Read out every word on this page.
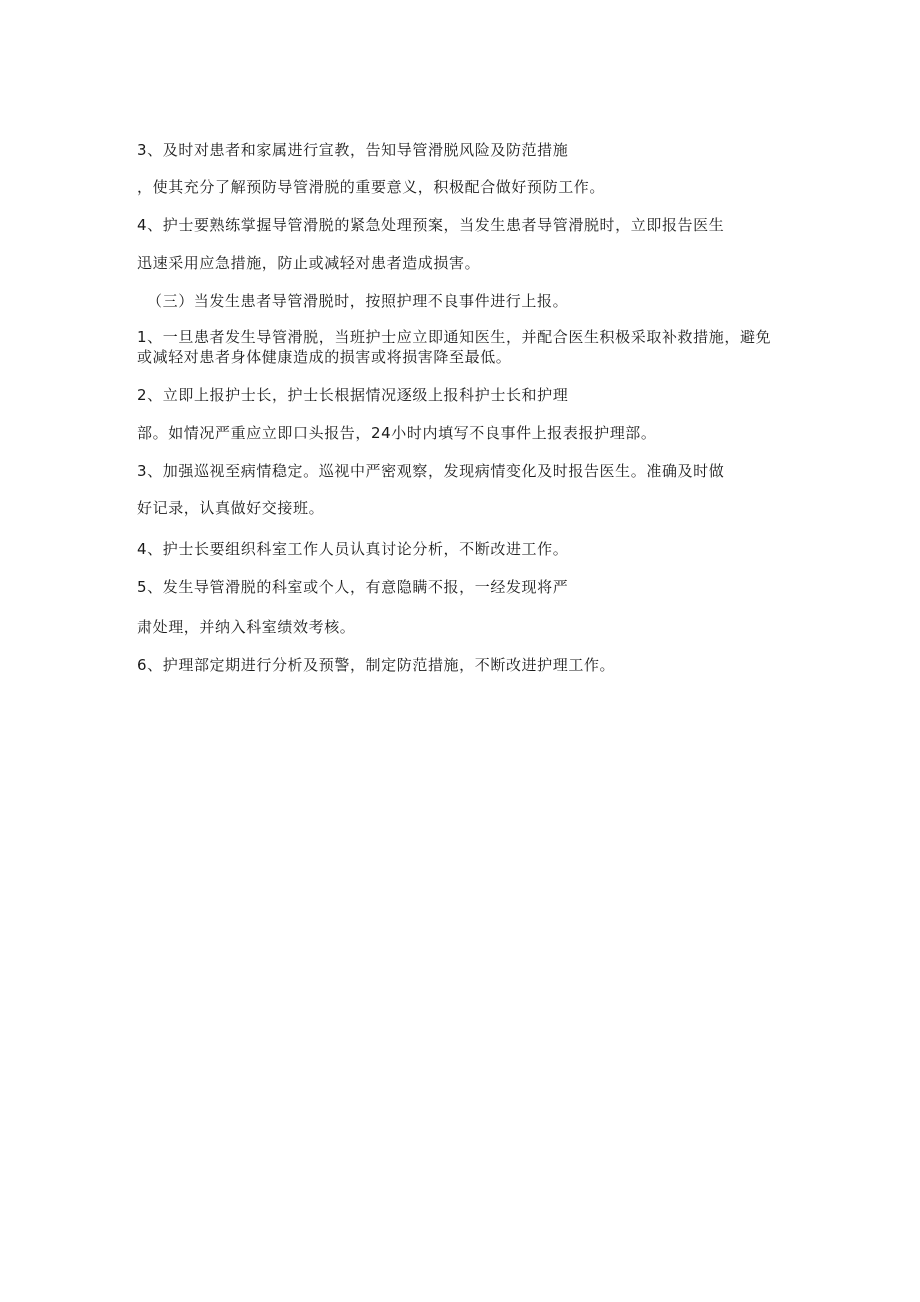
3、及时对患者和家属进行宣教，告知导管滑脱风险及防范措施
，使其充分了解预防导管滑脱的重要意义，积极配合做好预防工作。
4、护士要熟练掌握导管滑脱的紧急处理预案，当发生患者导管滑脱时，立即报告医生
迅速采用应急措施，防止或减轻对患者造成损害。
（三）当发生患者导管滑脱时，按照护理不良事件进行上报。
1、一旦患者发生导管滑脱，当班护士应立即通知医生，并配合医生积极采取补救措施，避免或减轻对患者身体健康造成的损害或将损害降至最低。
2、立即上报护士长，护士长根据情况逐级上报科护士长和护理
部。如情况严重应立即口头报告，24小时内填写不良事件上报表报护理部。
3、加强巡视至病情稳定。巡视中严密观察，发现病情变化及时报告医生。准确及时做
好记录，认真做好交接班。
4、护士长要组织科室工作人员认真讨论分析，不断改进工作。
5、发生导管滑脱的科室或个人，有意隐瞒不报，一经发现将严
肃处理，并纳入科室绩效考核。
6、护理部定期进行分析及预警，制定防范措施，不断改进护理工作。
